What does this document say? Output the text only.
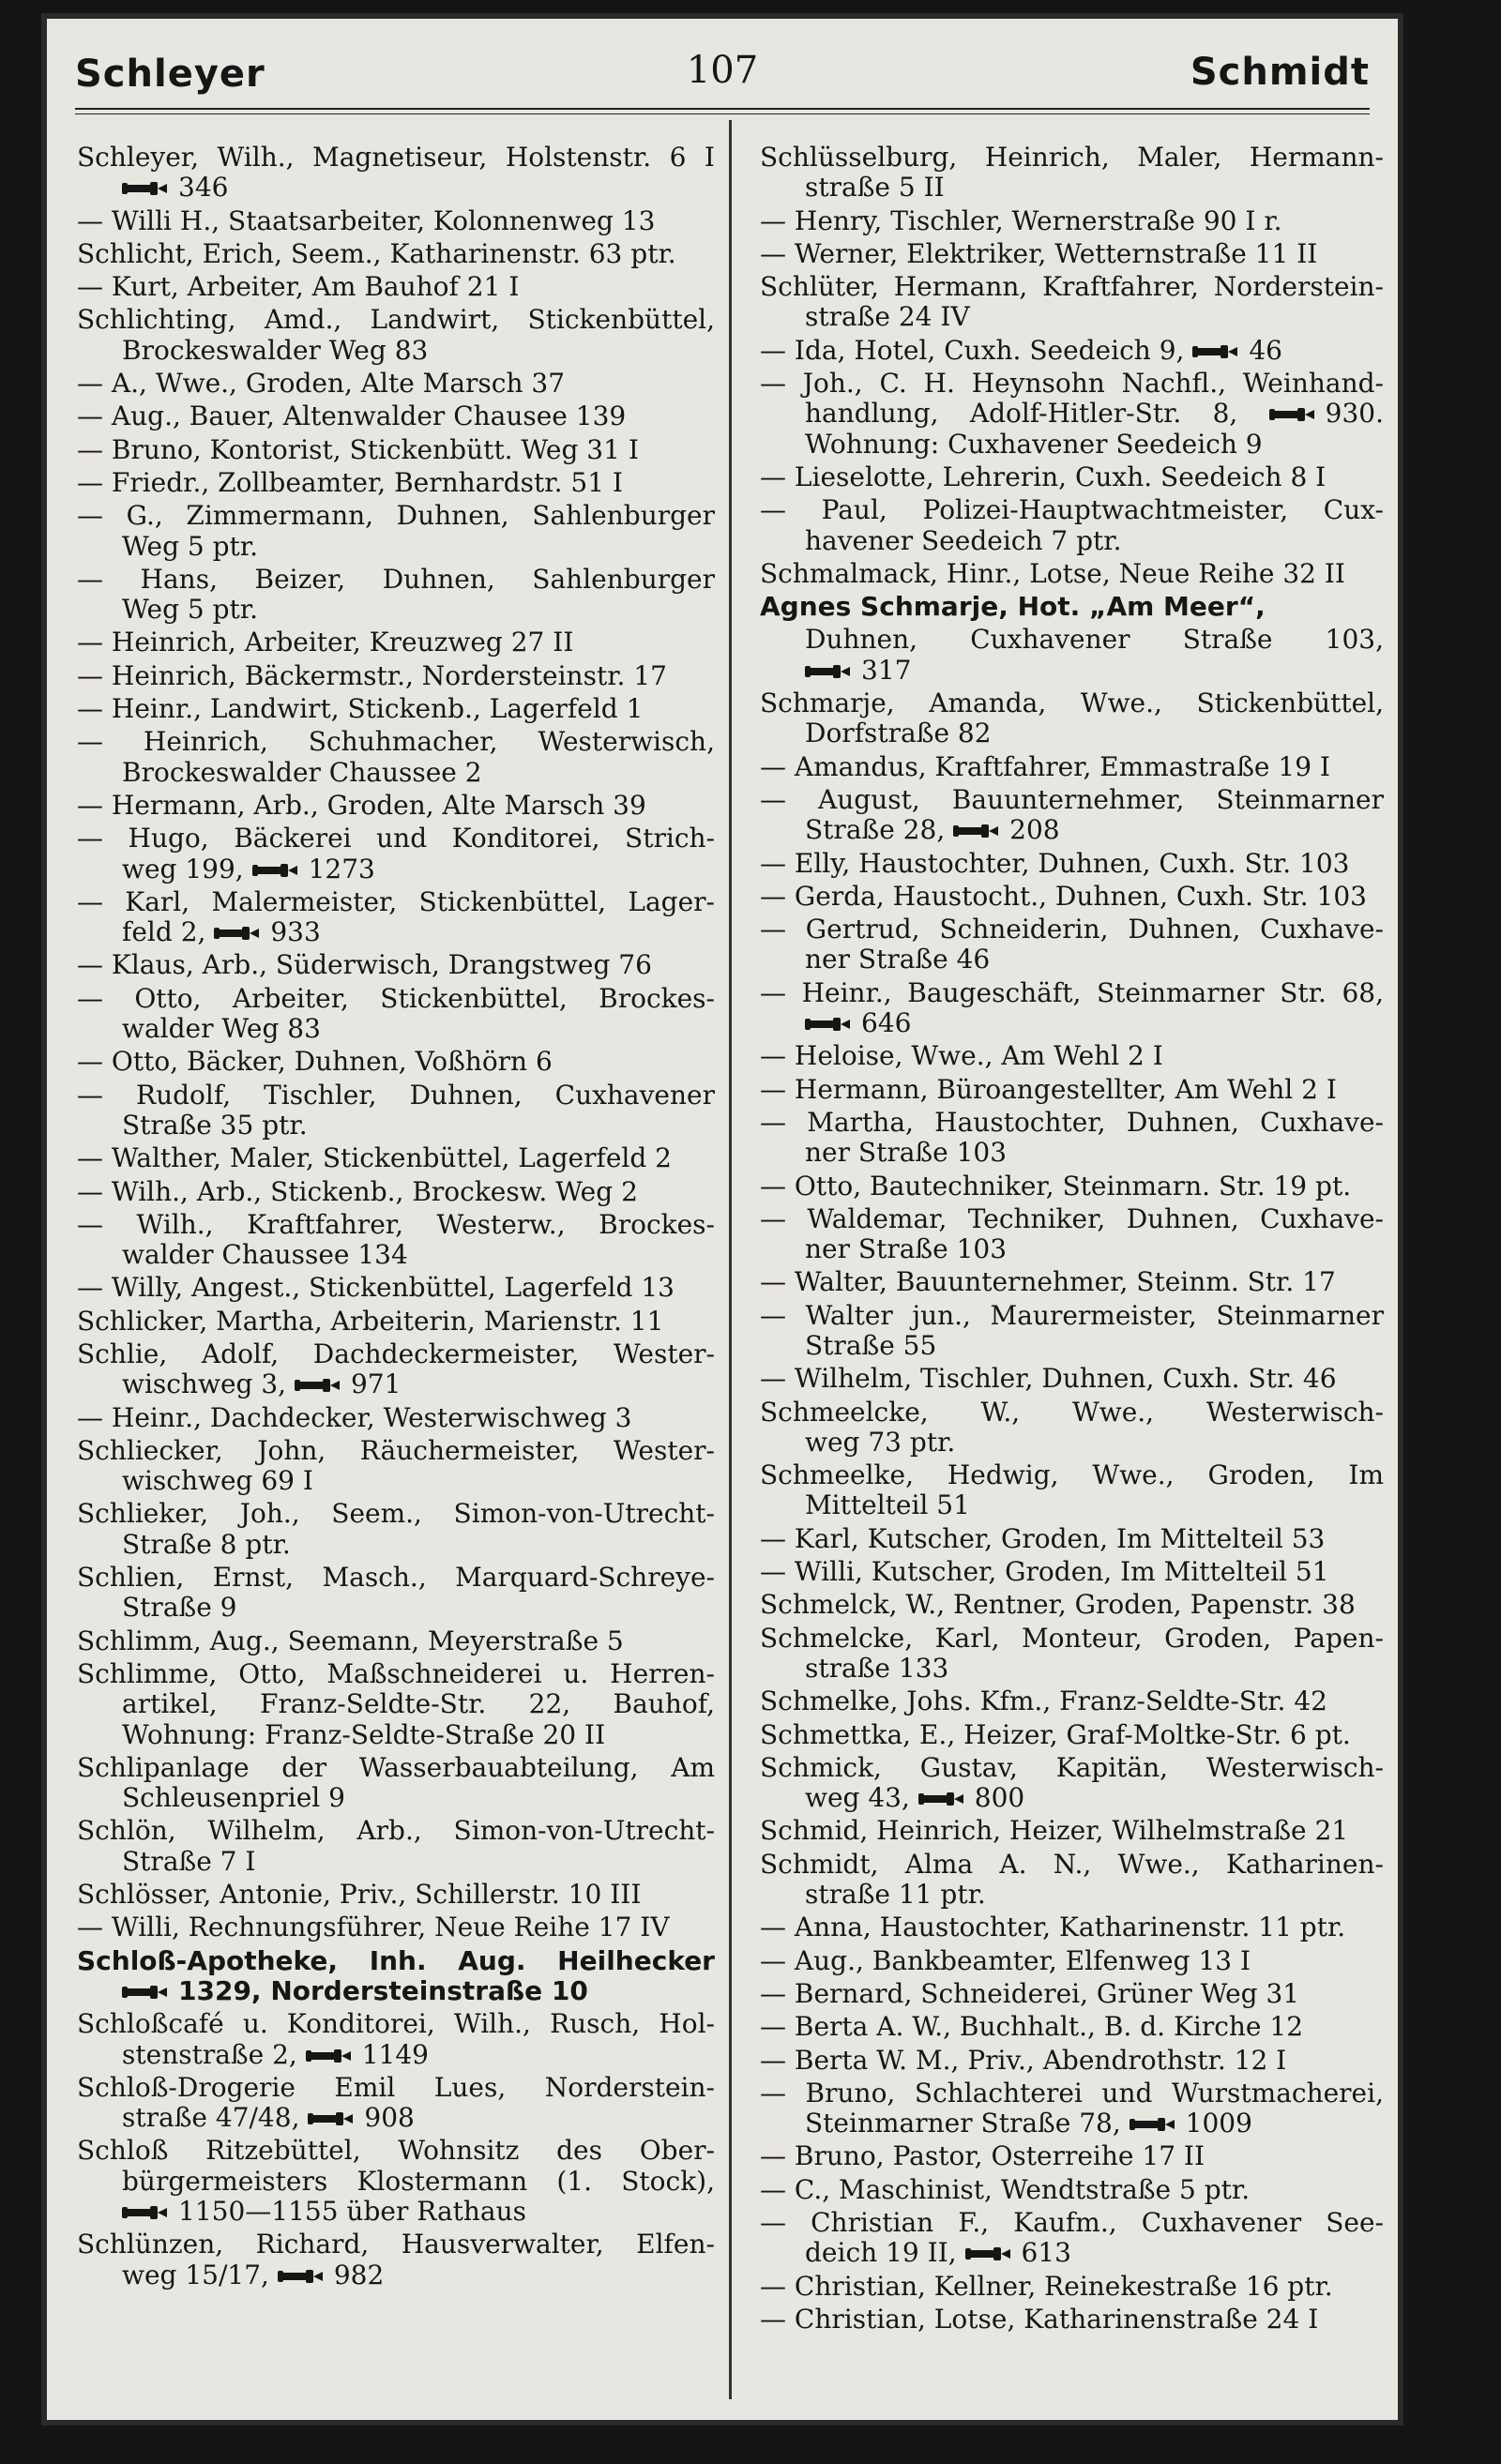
Schleyer	107	Schmidt
Schleyer, Wilh., Magnetiseur, Holstenstr. 6 I
346
— Willi H., Staatsarbeiter, Kolonnenweg 13
Schlicht, Erich, Seem., Katharinenstr. 63 ptr.
— Kurt, Arbeiter, Am Bauhof 21 I
Schlichting, Amd., Landwirt, Stickenbüttel,
Brockeswalder Weg 83
— A., Wwe., Groden, Alte Marsch 37
— Aug., Bauer, Altenwalder Chausee 139
— Bruno, Kontorist, Stickenbütt. Weg 31 I
— Friedr., Zollbeamter, Bernhardstr. 51 I
— G., Zimmermann, Duhnen, Sahlenburger
Weg 5 ptr.
— Hans, Beizer, Duhnen, Sahlenburger
Weg 5 ptr.
— Heinrich, Arbeiter, Kreuzweg 27 II
— Heinrich, Bäckermstr., Nordersteinstr. 17
— Heinr., Landwirt, Stickenb., Lagerfeld 1
— Heinrich, Schuhmacher, Westerwisch,
Brockeswalder Chaussee 2
— Hermann, Arb., Groden, Alte Marsch 39
— Hugo, Bäckerei und Konditorei, Strich-
weg 199,
1273
— Karl, Malermeister, Stickenbüttel, Lager-
feld 2,
933
— Klaus, Arb., Süderwisch, Drangstweg 76
— Otto, Arbeiter, Stickenbüttel, Brockes-
walder Weg 83
— Otto, Bäcker, Duhnen, Voßhörn 6
— Rudolf, Tischler, Duhnen, Cuxhavener
Straße 35 ptr.
— Walther, Maler, Stickenbüttel, Lagerfeld 2
— Wilh., Arb., Stickenb., Brockesw. Weg 2
— Wilh., Kraftfahrer, Westerw., Brockes-
walder Chaussee 134
— Willy, Angest., Stickenbüttel, Lagerfeld 13
Schlicker, Martha, Arbeiterin, Marienstr. 11
Schlie, Adolf, Dachdeckermeister, Wester-
wischweg 3,
971
— Heinr., Dachdecker, Westerwischweg 3
Schliecker, John, Räuchermeister, Wester-
wischweg 69 I
Schlieker, Joh., Seem., Simon-von-Utrecht-
Straße 8 ptr.
Schlien, Ernst, Masch., Marquard-Schreye-
Straße 9
Schlimm, Aug., Seemann, Meyerstraße 5
Schlimme, Otto, Maßschneiderei u. Herren-
artikel, Franz-Seldte-Str. 22, Bauhof,
Wohnung: Franz-Seldte-Straße 20 II
Schlipanlage der Wasserbauabteilung, Am
Schleusenpriel 9
Schlön, Wilhelm, Arb., Simon-von-Utrecht-
Straße 7 I
Schlösser, Antonie, Priv., Schillerstr. 10 III
— Willi, Rechnungsführer, Neue Reihe 17 IV
Schloß-Apotheke, Inh. Aug. Heilhecker
1329, Nordersteinstraße 10
Schloßcafé u. Konditorei, Wilh., Rusch, Hol-
stenstraße 2,
1149
Schloß-Drogerie Emil Lues, Norderstein-
straße 47/48,
908
Schloß Ritzebüttel, Wohnsitz des Ober-
bürgermeisters Klostermann (1. Stock),
1150—1155 über Rathaus
Schlünzen, Richard, Hausverwalter, Elfen-
weg 15/17,
982
Schlüsselburg, Heinrich, Maler, Hermann-
straße 5 II
— Henry, Tischler, Wernerstraße 90 I r.
— Werner, Elektriker, Wetternstraße 11 II
Schlüter, Hermann, Kraftfahrer, Norderstein-
straße 24 IV
— Ida, Hotel, Cuxh. Seedeich 9,
46
— Joh., C. H. Heynsohn Nachfl., Weinhand-
handlung, Adolf-Hitler-Str. 8,
930.
Wohnung: Cuxhavener Seedeich 9
— Lieselotte, Lehrerin, Cuxh. Seedeich 8 I
— Paul, Polizei-Hauptwachtmeister, Cux-
havener Seedeich 7 ptr.
Schmalmack, Hinr., Lotse, Neue Reihe 32 II
Agnes Schmarje, Hot. „Am Meer“,
Duhnen, Cuxhavener Straße 103,
317
Schmarje, Amanda, Wwe., Stickenbüttel,
Dorfstraße 82
— Amandus, Kraftfahrer, Emmastraße 19 I
— August, Bauunternehmer, Steinmarner
Straße 28,
208
— Elly, Haustochter, Duhnen, Cuxh. Str. 103
— Gerda, Haustocht., Duhnen, Cuxh. Str. 103
— Gertrud, Schneiderin, Duhnen, Cuxhave-
ner Straße 46
— Heinr., Baugeschäft, Steinmarner Str. 68,
646
— Heloise, Wwe., Am Wehl 2 I
— Hermann, Büroangestellter, Am Wehl 2 I
— Martha, Haustochter, Duhnen, Cuxhave-
ner Straße 103
— Otto, Bautechniker, Steinmarn. Str. 19 pt.
— Waldemar, Techniker, Duhnen, Cuxhave-
ner Straße 103
— Walter, Bauunternehmer, Steinm. Str. 17
— Walter jun., Maurermeister, Steinmarner
Straße 55
— Wilhelm, Tischler, Duhnen, Cuxh. Str. 46
Schmeelcke, W., Wwe., Westerwisch-
weg 73 ptr.
Schmeelke, Hedwig, Wwe., Groden, Im
Mittelteil 51
— Karl, Kutscher, Groden, Im Mittelteil 53
— Willi, Kutscher, Groden, Im Mittelteil 51
Schmelck, W., Rentner, Groden, Papenstr. 38
Schmelcke, Karl, Monteur, Groden, Papen-
straße 133
Schmelke, Johs. Kfm., Franz-Seldte-Str. 42
Schmettka, E., Heizer, Graf-Moltke-Str. 6 pt.
Schmick, Gustav, Kapitän, Westerwisch-
weg 43,
800
Schmid, Heinrich, Heizer, Wilhelmstraße 21
Schmidt, Alma A. N., Wwe., Katharinen-
straße 11 ptr.
— Anna, Haustochter, Katharinenstr. 11 ptr.
— Aug., Bankbeamter, Elfenweg 13 I
— Bernard, Schneiderei, Grüner Weg 31
— Berta A. W., Buchhalt., B. d. Kirche 12
— Berta W. M., Priv., Abendrothstr. 12 I
— Bruno, Schlachterei und Wurstmacherei,
Steinmarner Straße 78,
1009
— Bruno, Pastor, Osterreihe 17 II
— C., Maschinist, Wendtstraße 5 ptr.
— Christian F., Kaufm., Cuxhavener See-
deich 19 II,
613
— Christian, Kellner, Reinekestraße 16 ptr.
— Christian, Lotse, Katharinenstraße 24 I
